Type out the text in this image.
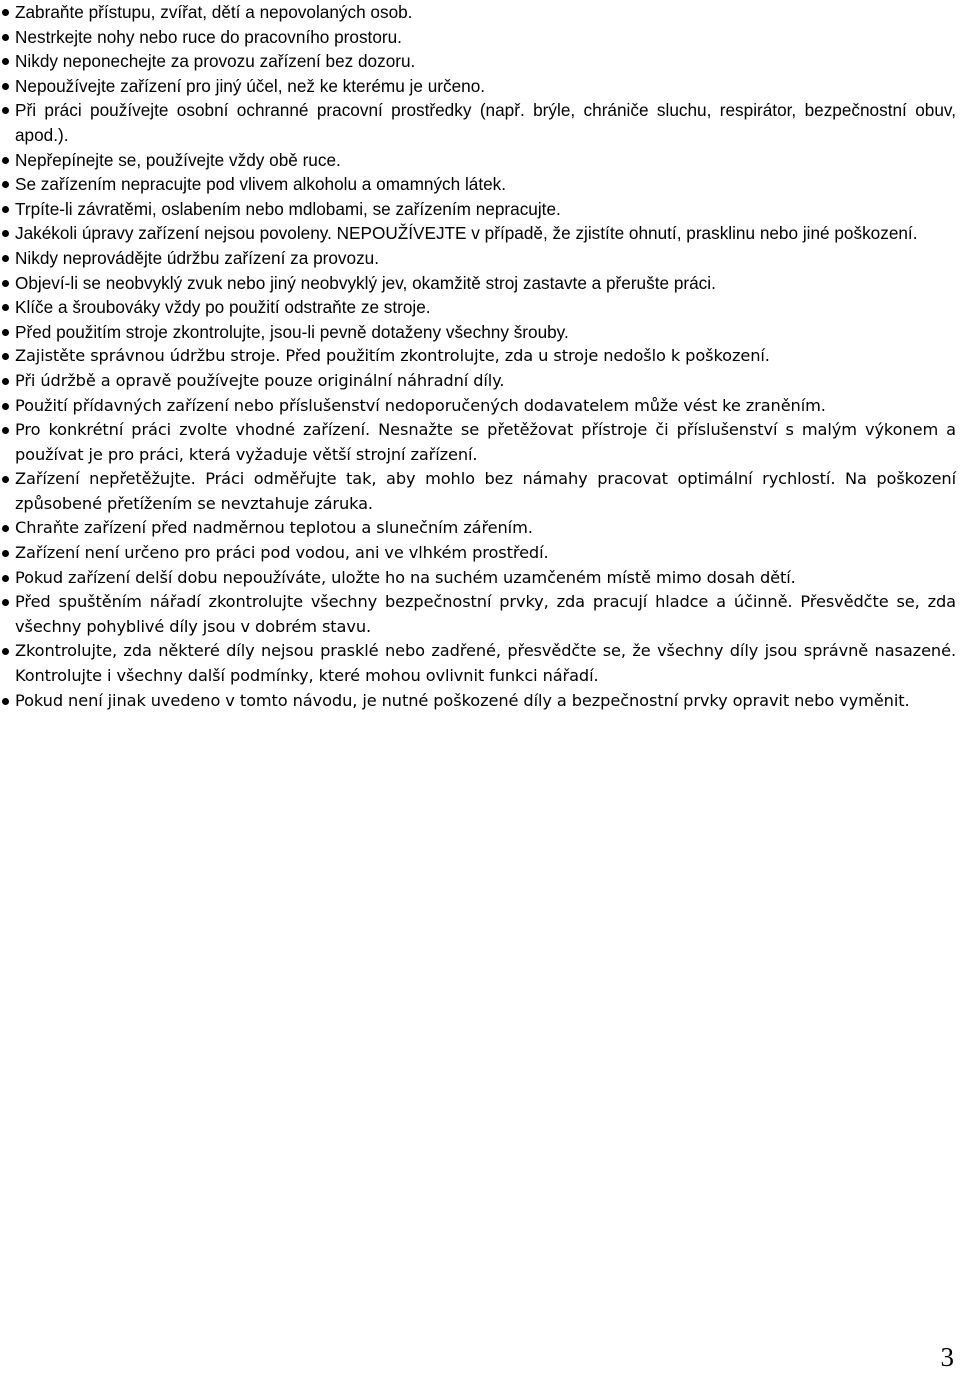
Zabraňte přístupu, zvířat, dětí a nepovolaných osob.
Nestrkejte nohy nebo ruce do pracovního prostoru.
Nikdy neponechejte za provozu zařízení bez dozoru.
Nepoužívejte zařízení pro jiný účel, než ke kterému je určeno.
Při práci používejte osobní ochranné pracovní prostředky (např. brýle, chrániče sluchu, respirátor, bezpečnostní obuv, apod.).
Nepřepínejte se, používejte vždy obě ruce.
Se zařízením nepracujte pod vlivem alkoholu a omamných látek.
Trpíte-li závratěmi, oslabením nebo mdlobami, se zařízením nepracujte.
Jakékoli úpravy zařízení nejsou povoleny. NEPOUŽÍVEJTE v případě, že zjistíte ohnutí, prasklinu nebo jiné poškození.
Nikdy neprovádějte údržbu zařízení za provozu.
Objeví-li se neobvyklý zvuk nebo jiný neobvyklý jev, okamžitě stroj zastavte a přerušte práci.
Klíče a šroubováky vždy po použití odstraňte ze stroje.
Před použitím stroje zkontrolujte, jsou-li pevně dotaženy všechny šrouby.
Zajistěte správnou údržbu stroje. Před použitím zkontrolujte, zda u stroje nedošlo k poškození.
Při údržbě a opravě používejte pouze originální náhradní díly.
Použití přídavných zařízení nebo příslušenství nedoporučených dodavatelem může vést ke zraněním.
Pro konkrétní práci zvolte vhodné zařízení. Nesnažte se přetěžovat přístroje či příslušenství s malým výkonem a používat je pro práci, která vyžaduje větší strojní zařízení.
Zařízení nepřetěžujte. Práci odměřujte tak, aby mohlo bez námahy pracovat optimální rychlostí. Na poškození způsobené přetížením se nevztahuje záruka.
Chraňte zařízení před nadměrnou teplotou a slunečním zářením.
Zařízení není určeno pro práci pod vodou, ani ve vlhkém prostředí.
Pokud zařízení delší dobu nepoužíváte, uložte ho na suchém uzamčeném místě mimo dosah dětí.
Před spuštěním nářadí zkontrolujte všechny bezpečnostní prvky, zda pracují hladce a účinně. Přesvědčte se, zda všechny pohyblivé díly jsou v dobrém stavu.
Zkontrolujte, zda některé díly nejsou prasklé nebo zadřené, přesvědčte se, že všechny díly jsou správně nasazené. Kontrolujte i všechny další podmínky, které mohou ovlivnit funkci nářadí.
Pokud není jinak uvedeno v tomto návodu, je nutné poškozené díly a bezpečnostní prvky opravit nebo vyměnit.
3
